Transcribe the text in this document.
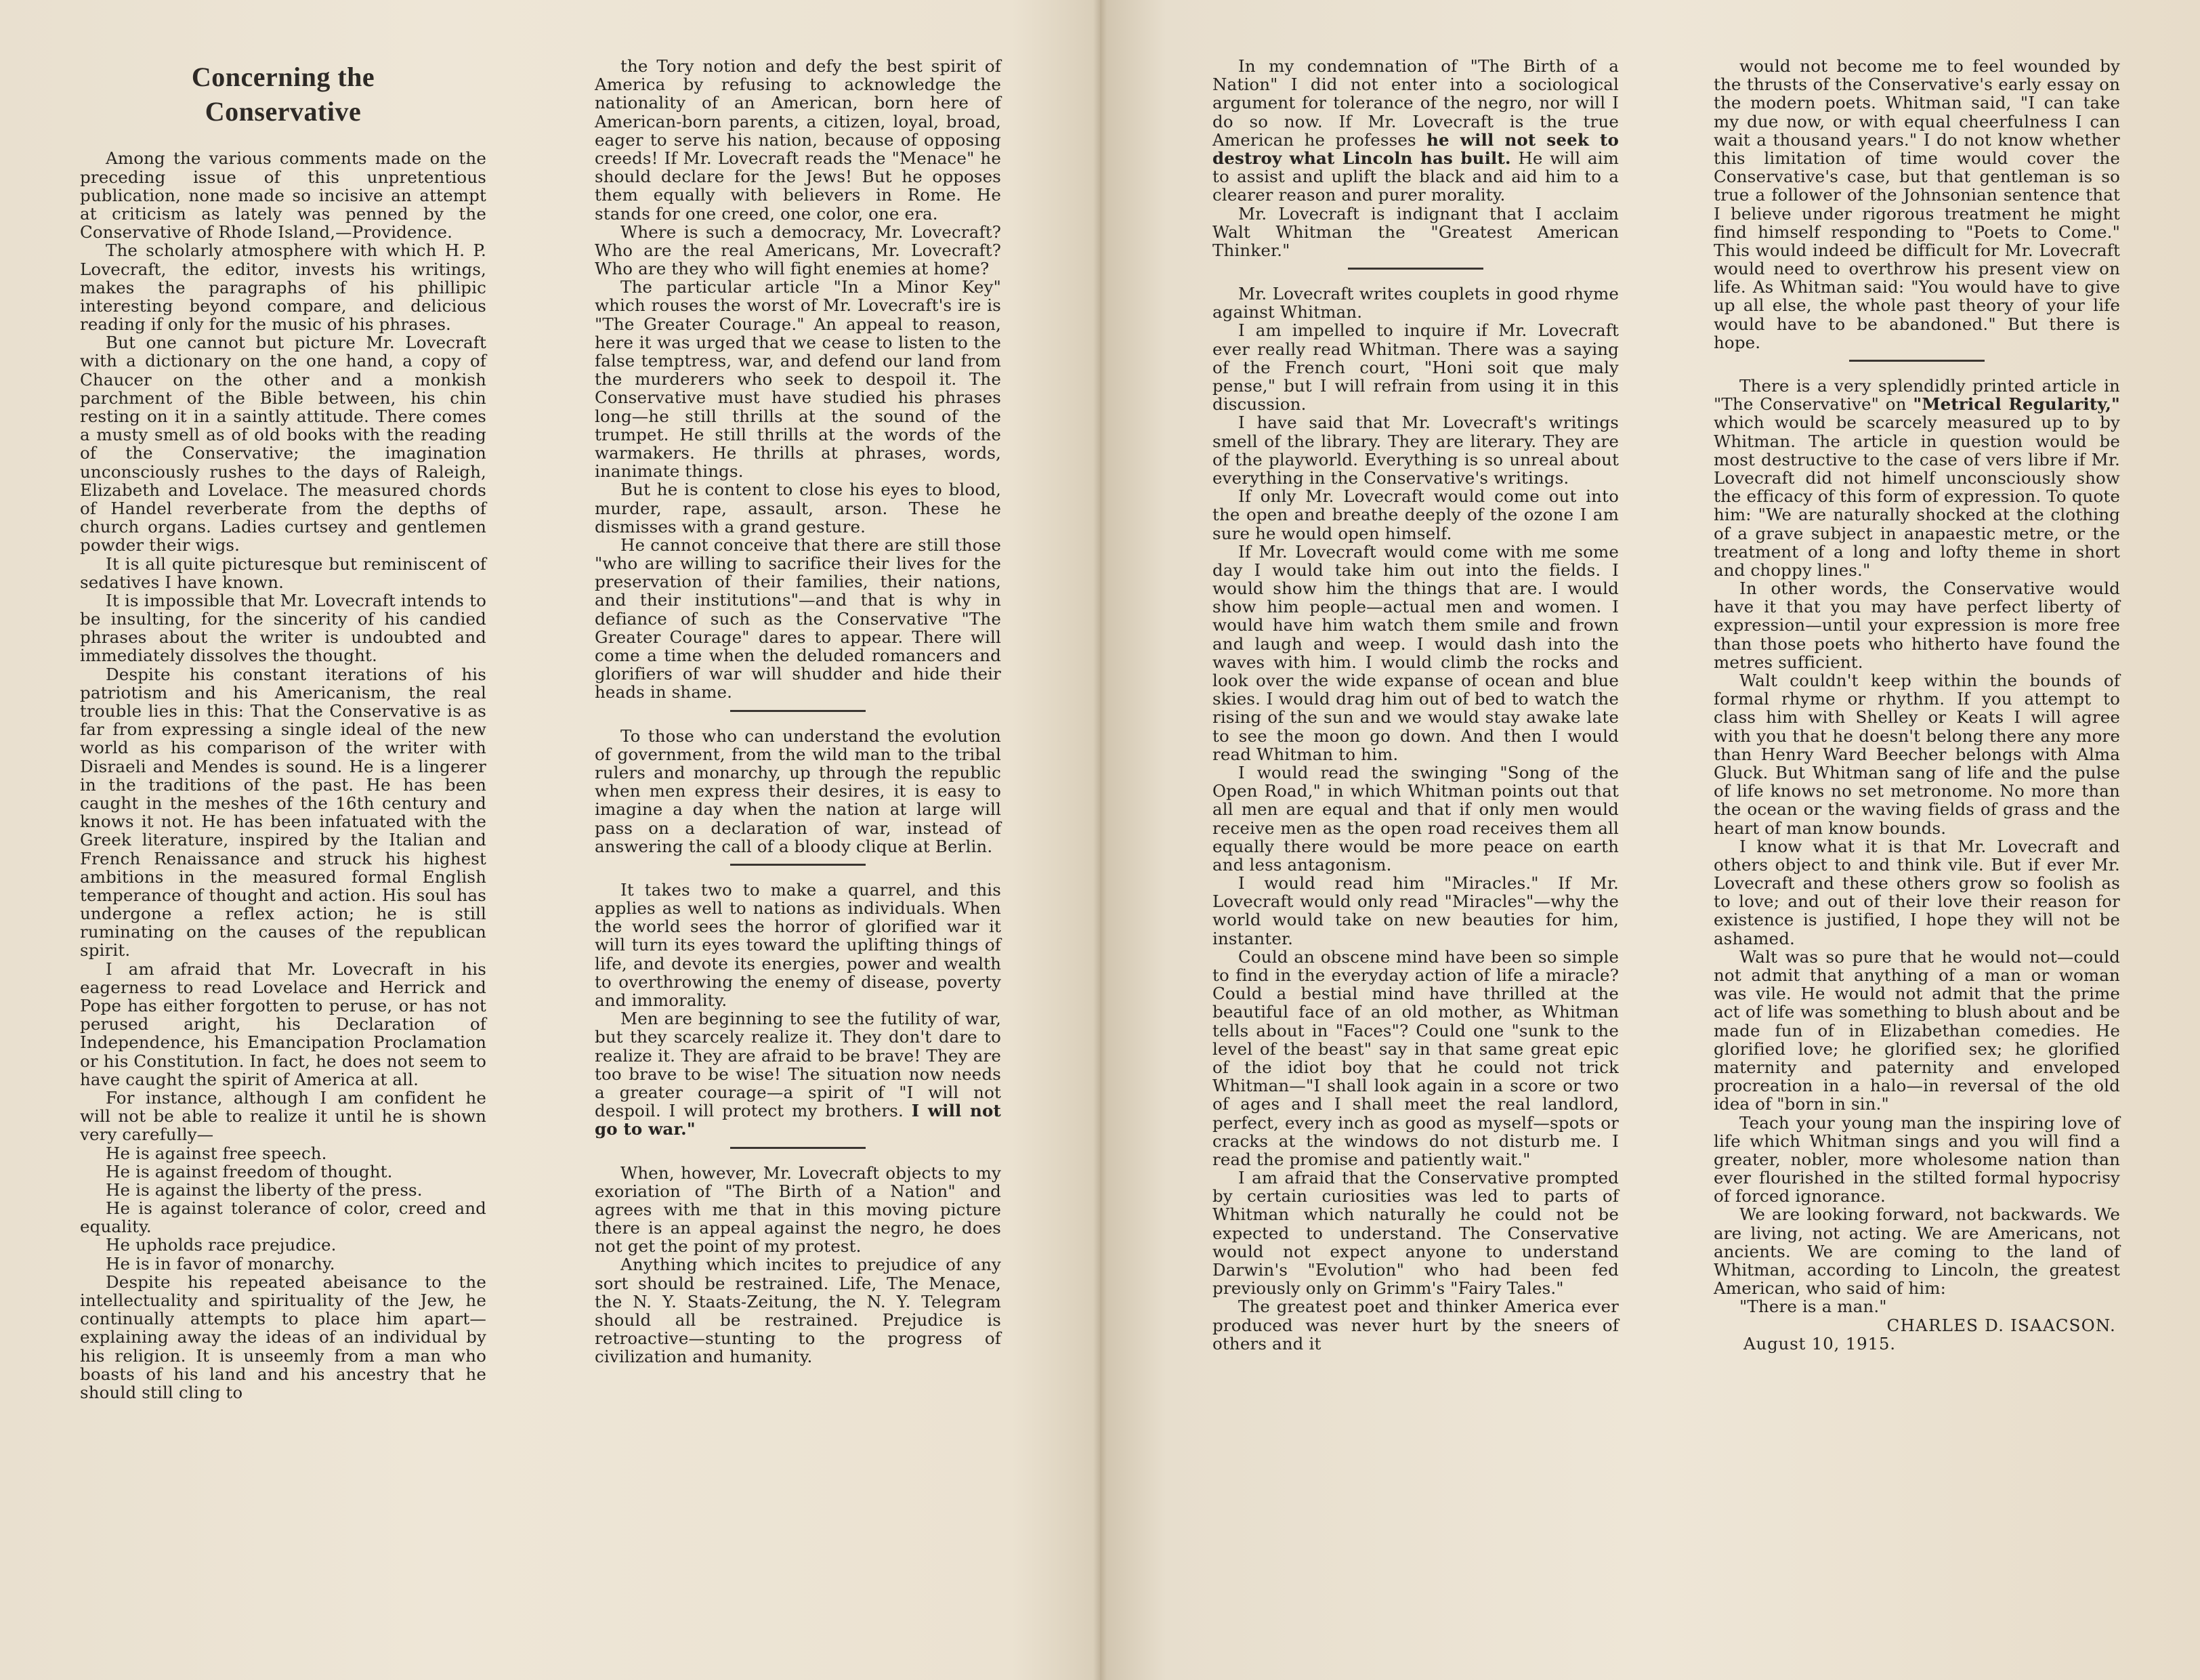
Concerning the
Conservative

Among the various comments made on the preceding issue of this unpretentious publication, none made so incisive an attempt at criticism as lately was penned by the Conservative of Rhode Island,—Providence.

The scholarly atmosphere with which H. P. Lovecraft, the editor, invests his writings, makes the paragraphs of his phillipic interesting beyond compare, and delicious reading if only for the music of his phrases.

But one cannot but picture Mr. Lovecraft with a dictionary on the one hand, a copy of Chaucer on the other and a monkish parchment of the Bible between, his chin resting on it in a saintly attitude. There comes a musty smell as of old books with the reading of the Conservative; the imagination unconsciously rushes to the days of Raleigh, Elizabeth and Lovelace. The measured chords of Handel reverberate from the depths of church organs. Ladies curtsey and gentlemen powder their wigs.

It is all quite picturesque but reminiscent of sedatives I have known.

It is impossible that Mr. Lovecraft intends to be insulting, for the sincerity of his candied phrases about the writer is undoubted and immediately dissolves the thought.

Despite his constant iterations of his patriotism and his Americanism, the real trouble lies in this: That the Conservative is as far from expressing a single ideal of the new world as his comparison of the writer with Disraeli and Mendes is sound. He is a lingerer in the traditions of the past. He has been caught in the meshes of the 16th century and knows it not. He has been infatuated with the Greek literature, inspired by the Italian and French Renaissance and struck his highest ambitions in the measured formal English temperance of thought and action. His soul has undergone a reflex action; he is still ruminating on the causes of the republican spirit.

I am afraid that Mr. Lovecraft in his eagerness to read Lovelace and Herrick and Pope has either forgotten to peruse, or has not perused aright, his Declaration of Independence, his Emancipation Proclamation or his Constitution. In fact, he does not seem to have caught the spirit of America at all.

For instance, although I am confident he will not be able to realize it until he is shown very carefully—

He is against free speech.

He is against freedom of thought.

He is against the liberty of the press.

He is against tolerance of color, creed and equality.

He upholds race prejudice.

He is in favor of monarchy.

Despite his repeated abeisance to the intellectuality and spirituality of the Jew, he continually attempts to place him apart—explaining away the ideas of an individual by his religion. It is unseemly from a man who boasts of his land and his ancestry that he should still cling to

the Tory notion and defy the best spirit of America by refusing to acknowledge the nationality of an American, born here of American-born parents, a citizen, loyal, broad, eager to serve his nation, because of opposing creeds! If Mr. Lovecraft reads the "Menace" he should declare for the Jews! But he opposes them equally with believers in Rome. He stands for one creed, one color, one era.

Where is such a democracy, Mr. Lovecraft? Who are the real Americans, Mr. Lovecraft? Who are they who will fight enemies at home?

The particular article "In a Minor Key" which rouses the worst of Mr. Lovecraft's ire is "The Greater Courage." An appeal to reason, here it was urged that we cease to listen to the false temptress, war, and defend our land from the murderers who seek to despoil it. The Conservative must have studied his phrases long—he still thrills at the sound of the trumpet. He still thrills at the words of the warmakers. He thrills at phrases, words, inanimate things.

But he is content to close his eyes to blood, murder, rape, assault, arson. These he dismisses with a grand gesture.

He cannot conceive that there are still those "who are willing to sacrifice their lives for the preservation of their families, their nations, and their institutions"—and that is why in defiance of such as the Conservative "The Greater Courage" dares to appear. There will come a time when the deluded romancers and glorifiers of war will shudder and hide their heads in shame.

To those who can understand the evolution of government, from the wild man to the tribal rulers and monarchy, up through the republic when men express their desires, it is easy to imagine a day when the nation at large will pass on a declaration of war, instead of answering the call of a bloody clique at Berlin.

It takes two to make a quarrel, and this applies as well to nations as individuals. When the world sees the horror of glorified war it will turn its eyes toward the uplifting things of life, and devote its energies, power and wealth to overthrowing the enemy of disease, poverty and immorality.

Men are beginning to see the futility of war, but they scarcely realize it. They don't dare to realize it. They are afraid to be brave! They are too brave to be wise! The situation now needs a greater courage—a spirit of "I will not despoil. I will protect my brothers. I will not go to war."

When, however, Mr. Lovecraft objects to my exoriation of "The Birth of a Nation" and agrees with me that in this moving picture there is an appeal against the negro, he does not get the point of my protest.

Anything which incites to prejudice of any sort should be restrained. Life, The Menace, the N. Y. Staats-Zeitung, the N. Y. Telegram should all be restrained. Prejudice is retroactive—stunting to the progress of civilization and humanity.

In my condemnation of "The Birth of a Nation" I did not enter into a sociological argument for tolerance of the negro, nor will I do so now. If Mr. Lovecraft is the true American he professes he will not seek to destroy what Lincoln has built. He will aim to assist and uplift the black and aid him to a clearer reason and purer morality.

Mr. Lovecraft is indignant that I acclaim Walt Whitman the "Greatest American Thinker."

Mr. Lovecraft writes couplets in good rhyme against Whitman.

I am impelled to inquire if Mr. Lovecraft ever really read Whitman. There was a saying of the French court, "Honi soit que maly pense," but I will refrain from using it in this discussion.

I have said that Mr. Lovecraft's writings smell of the library. They are literary. They are of the playworld. Everything is so unreal about everything in the Conservative's writings.

If only Mr. Lovecraft would come out into the open and breathe deeply of the ozone I am sure he would open himself.

If Mr. Lovecraft would come with me some day I would take him out into the fields. I would show him the things that are. I would show him people—actual men and women. I would have him watch them smile and frown and laugh and weep. I would dash into the waves with him. I would climb the rocks and look over the wide expanse of ocean and blue skies. I would drag him out of bed to watch the rising of the sun and we would stay awake late to see the moon go down. And then I would read Whitman to him.

I would read the swinging "Song of the Open Road," in which Whitman points out that all men are equal and that if only men would receive men as the open road receives them all equally there would be more peace on earth and less antagonism.

I would read him "Miracles." If Mr. Lovecraft would only read "Miracles"—why the world would take on new beauties for him, instanter.

Could an obscene mind have been so simple to find in the everyday action of life a miracle? Could a bestial mind have thrilled at the beautiful face of an old mother, as Whitman tells about in "Faces"? Could one "sunk to the level of the beast" say in that same great epic of the idiot boy that he could not trick Whitman—"I shall look again in a score or two of ages and I shall meet the real landlord, perfect, every inch as good as myself—spots or cracks at the windows do not disturb me. I read the promise and patiently wait."

I am afraid that the Conservative prompted by certain curiosities was led to parts of Whitman which naturally he could not be expected to understand. The Conservative would not expect anyone to understand Darwin's "Evolution" who had been fed previously only on Grimm's "Fairy Tales."

The greatest poet and thinker America ever produced was never hurt by the sneers of others and it

would not become me to feel wounded by the thrusts of the Conservative's early essay on the modern poets. Whitman said, "I can take my due now, or with equal cheerfulness I can wait a thousand years." I do not know whether this limitation of time would cover the Conservative's case, but that gentleman is so true a follower of the Johnsonian sentence that I believe under rigorous treatment he might find himself responding to "Poets to Come." This would indeed be difficult for Mr. Lovecraft would need to overthrow his present view on life. As Whitman said: "You would have to give up all else, the whole past theory of your life would have to be abandoned." But there is hope.

There is a very splendidly printed article in "The Conservative" on "Metrical Regularity," which would be scarcely measured up to by Whitman. The article in question would be most destructive to the case of vers libre if Mr. Lovecraft did not himelf unconsciously show the efficacy of this form of expression. To quote him: "We are naturally shocked at the clothing of a grave subject in anapaestic metre, or the treatment of a long and lofty theme in short and choppy lines."

In other words, the Conservative would have it that you may have perfect liberty of expression—until your expression is more free than those poets who hitherto have found the metres sufficient.

Walt couldn't keep within the bounds of formal rhyme or rhythm. If you attempt to class him with Shelley or Keats I will agree with you that he doesn't belong there any more than Henry Ward Beecher belongs with Alma Gluck. But Whitman sang of life and the pulse of life knows no set metronome. No more than the ocean or the waving fields of grass and the heart of man know bounds.

I know what it is that Mr. Lovecraft and others object to and think vile. But if ever Mr. Lovecraft and these others grow so foolish as to love; and out of their love their reason for existence is justified, I hope they will not be ashamed.

Walt was so pure that he would not—could not admit that anything of a man or woman was vile. He would not admit that the prime act of life was something to blush about and be made fun of in Elizabethan comedies. He glorified love; he glorified sex; he glorified maternity and paternity and enveloped procreation in a halo—in reversal of the old idea of "born in sin."

Teach your young man the inspiring love of life which Whitman sings and you will find a greater, nobler, more wholesome nation than ever flourished in the stilted formal hypocrisy of forced ignorance.

We are looking forward, not backwards. We are living, not acting. We are Americans, not ancients. We are coming to the land of Whitman, according to Lincoln, the greatest American, who said of him:

"There is a man."

CHARLES D. ISAACSON.

August 10, 1915.
